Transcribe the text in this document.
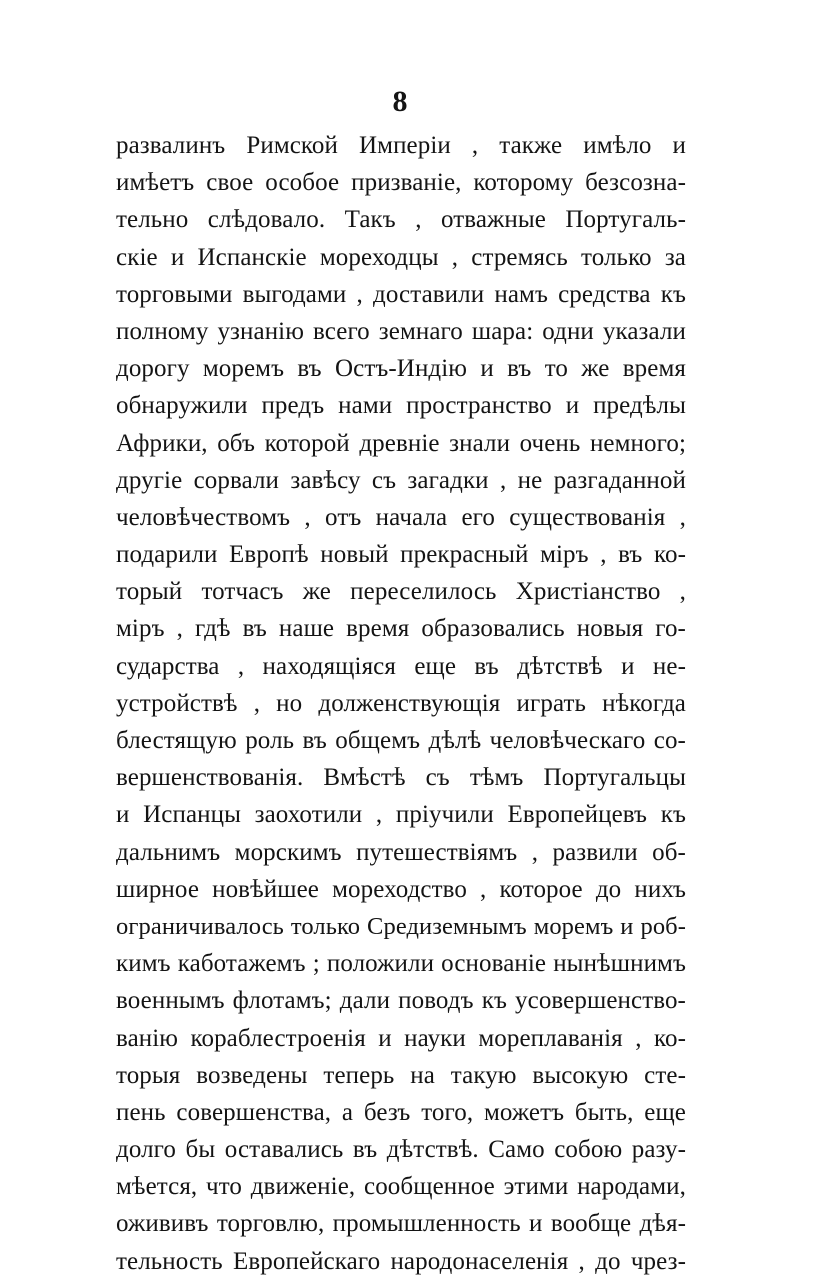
8
развалинъ Римской Имперіи , также имѣло и
имѣетъ свое особое призваніе, которому безсозна-
тельно слѣдовало. Такъ , отважные Португаль-
скіе и Испанскіе мореходцы , стремясь только за
торговыми выгодами , доставили намъ средства къ
полному узнанію всего земнаго шара: одни указали
дорогу моремъ въ Остъ-Индію и въ то же время
обнаружили предъ нами пространство и предѣлы
Африки, объ которой древніе знали очень немного;
другіе сорвали завѣсу съ загадки , не разгаданной
человѣчествомъ , отъ начала его существованія ,
подарили Европѣ новый прекрасный міръ , въ ко-
торый тотчасъ же переселилось Христіанство ,
міръ , гдѣ въ наше время образовались новыя го-
сударства , находящіяся еще въ дѣтствѣ и не-
устройствѣ , но долженствующія играть нѣкогда
блестящую роль въ общемъ дѣлѣ человѣческаго со-
вершенствованія. Вмѣстѣ съ тѣмъ Португальцы
и Испанцы заохотили , пріучили Европейцевъ къ
дальнимъ морскимъ путешествіямъ , развили об-
ширное новѣйшее мореходство , которое до нихъ
ограничивалось только Средиземнымъ моремъ и роб-
кимъ каботажемъ ; положили основаніе нынѣшнимъ
военнымъ флотамъ; дали поводъ къ усовершенство-
ванію кораблестроенія и науки мореплаванія , ко-
торыя возведены теперь на такую высокую сте-
пень совершенства, а безъ того, можетъ быть, еще
долго бы оставались въ дѣтствѣ. Само собою разу-
мѣется, что движеніе, сообщенное этими народами,
ожививъ торговлю, промышленность и вообще дѣя-
тельность Европейскаго народонаселенія , до чрез-
